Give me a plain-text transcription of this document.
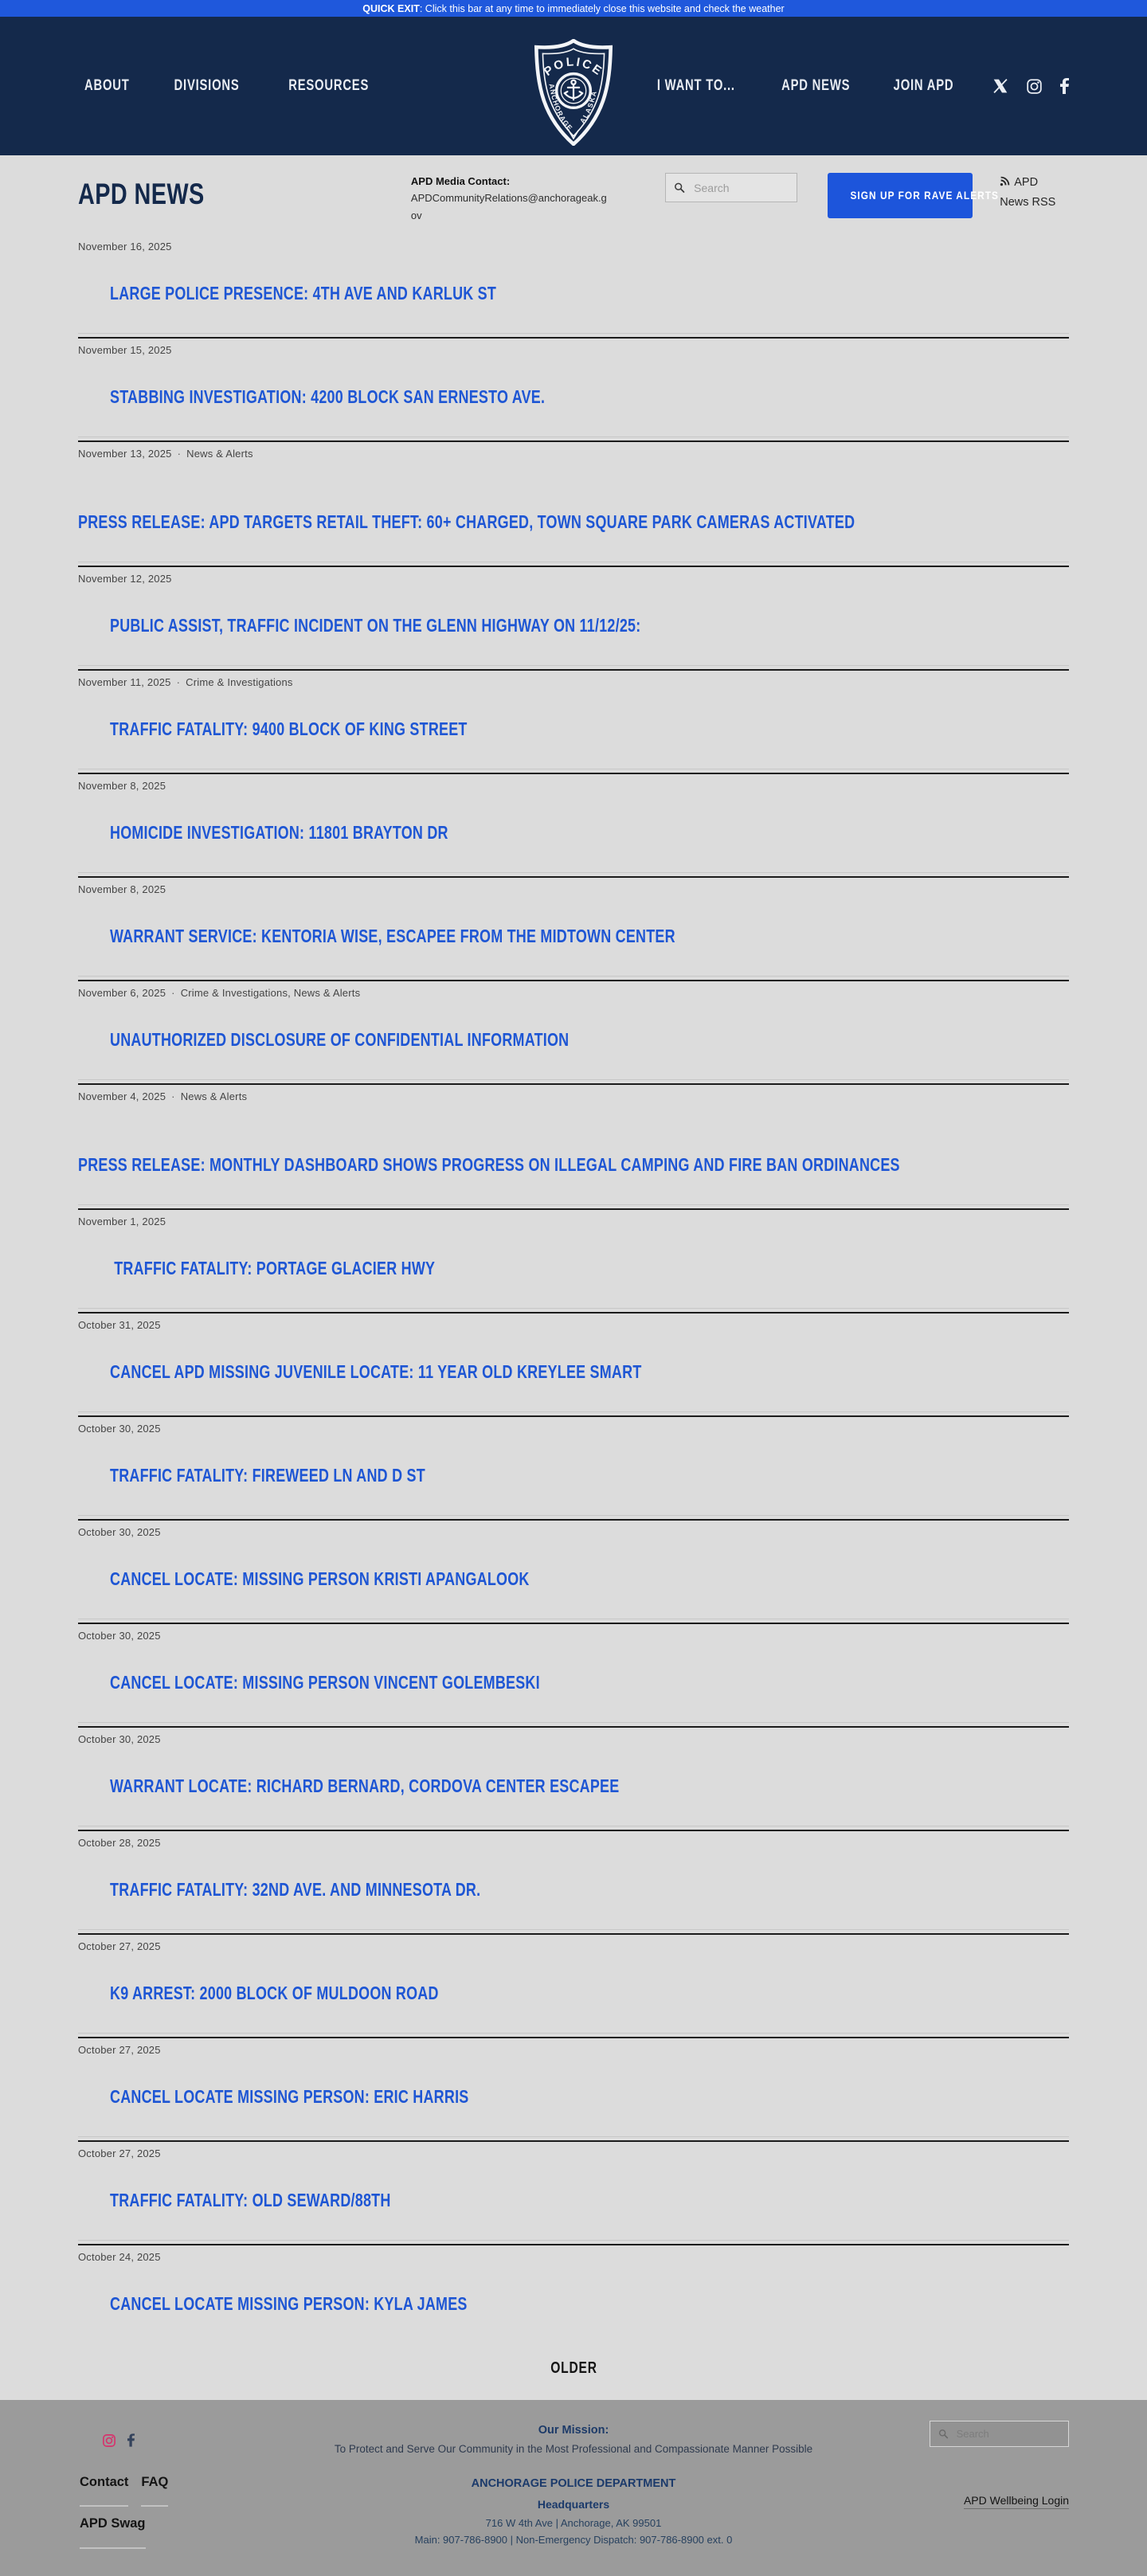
QUICK EXIT : Click this bar at any time to immediately close this website and check the weather
ABOUT	DIVISIONS	RESOURCES	I WANT TO...	APD NEWS	JOIN APD
POLICE
ANCHORAGE
ALASKA
APD NEWS	APD Media Contact:
APDCommunityRelations@anchorageak.gov
Search
SIGN UP FOR RAVE ALERTS
APD News RSS
November 16, 2025

LARGE POLICE PRESENCE: 4TH AVE AND KARLUK ST

November 15, 2025

STABBING INVESTIGATION: 4200 BLOCK SAN ERNESTO AVE.

November 13, 2025 · News & Alerts

PRESS RELEASE: APD TARGETS RETAIL THEFT: 60+ CHARGED, TOWN SQUARE PARK CAMERAS ACTIVATED

November 12, 2025

PUBLIC ASSIST, TRAFFIC INCIDENT ON THE GLENN HIGHWAY ON 11/12/25:

November 11, 2025 · Crime & Investigations

TRAFFIC FATALITY: 9400 BLOCK OF KING STREET

November 8, 2025

HOMICIDE INVESTIGATION: 11801 BRAYTON DR

November 8, 2025

WARRANT SERVICE: KENTORIA WISE, ESCAPEE FROM THE MIDTOWN CENTER

November 6, 2025 · Crime & Investigations, News & Alerts

UNAUTHORIZED DISCLOSURE OF CONFIDENTIAL INFORMATION

November 4, 2025 · News & Alerts

PRESS RELEASE: MONTHLY DASHBOARD SHOWS PROGRESS ON ILLEGAL CAMPING AND FIRE BAN ORDINANCES

November 1, 2025

TRAFFIC FATALITY: PORTAGE GLACIER HWY

October 31, 2025

CANCEL APD MISSING JUVENILE LOCATE: 11 YEAR OLD KREYLEE SMART

October 30, 2025

TRAFFIC FATALITY: FIREWEED LN AND D ST

October 30, 2025

CANCEL LOCATE: MISSING PERSON KRISTI APANGALOOK

October 30, 2025

CANCEL LOCATE: MISSING PERSON VINCENT GOLEMBESKI

October 30, 2025

WARRANT LOCATE: RICHARD BERNARD, CORDOVA CENTER ESCAPEE

October 28, 2025

TRAFFIC FATALITY: 32ND AVE. AND MINNESOTA DR.

October 27, 2025

K9 ARREST: 2000 BLOCK OF MULDOON ROAD

October 27, 2025

CANCEL LOCATE MISSING PERSON: ERIC HARRIS

October 27, 2025

TRAFFIC FATALITY: OLD SEWARD/88TH

October 24, 2025

CANCEL LOCATE MISSING PERSON: KYLA JAMES

OLDER
Our Mission:
To Protect and Serve Our Community in the Most Professional and Compassionate Manner Possible
Search
Contact FAQ
APD Swag
ANCHORAGE POLICE DEPARTMENT
Headquarters
716 W 4th Ave | Anchorage, AK 99501
Main: 907-786-8900 | Non-Emergency Dispatch: 907-786-8900 ext. 0
APD Wellbeing Login
